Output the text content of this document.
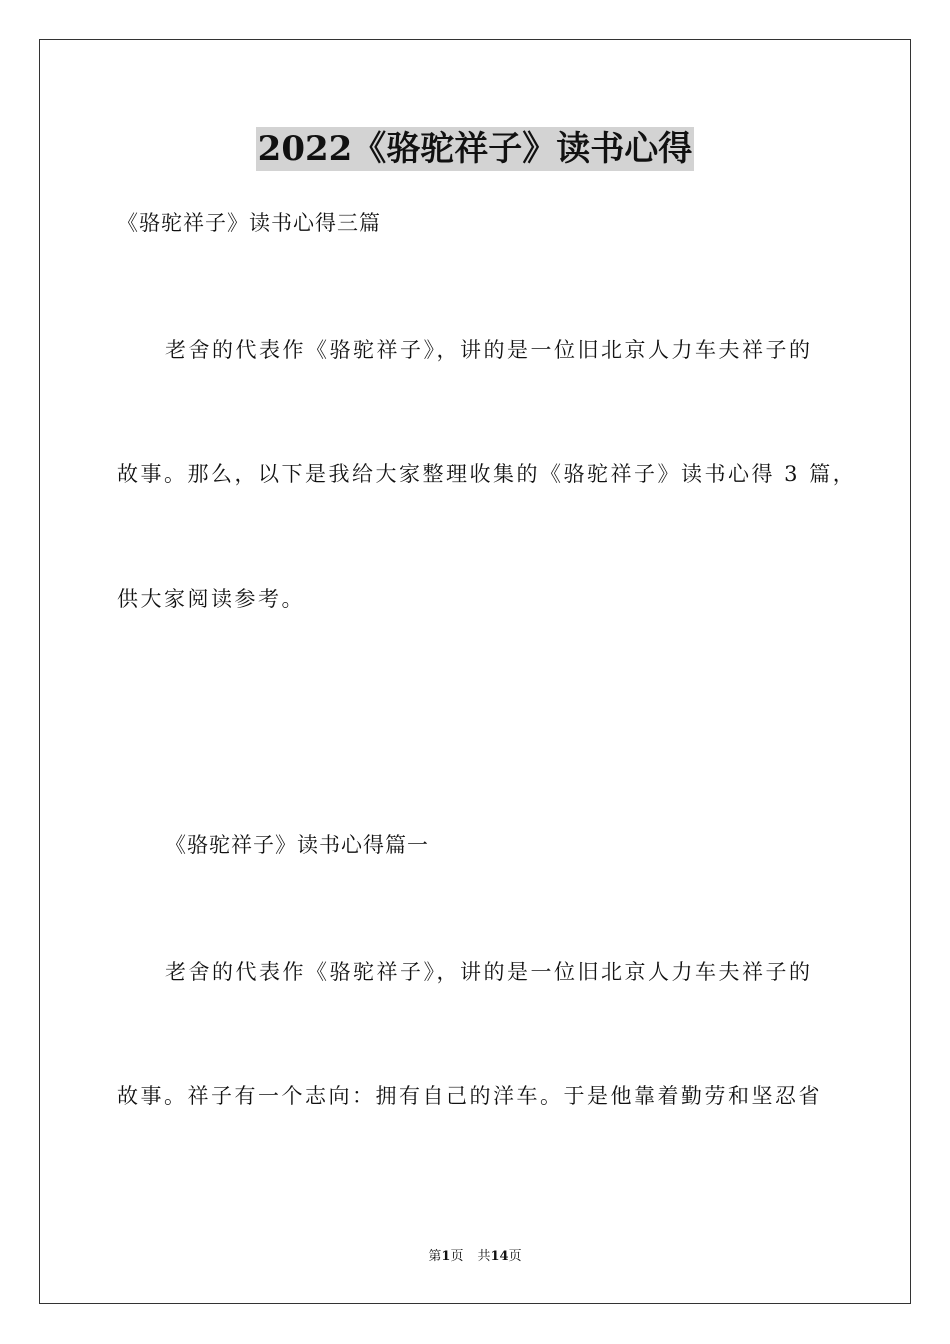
2022《骆驼祥子》读书心得
《骆驼祥子》读书心得三篇
老舍的代表作《骆驼祥子》，讲的是一位旧北京人力车夫祥子的
故事。那么，以下是我给大家整理收集的《骆驼祥子》读书心得 3 篇，
供大家阅读参考。
《骆驼祥子》读书心得篇一
老舍的代表作《骆驼祥子》，讲的是一位旧北京人力车夫祥子的
故事。祥子有一个志向：拥有自己的洋车。于是他靠着勤劳和坚忍省
第1页 共14页
